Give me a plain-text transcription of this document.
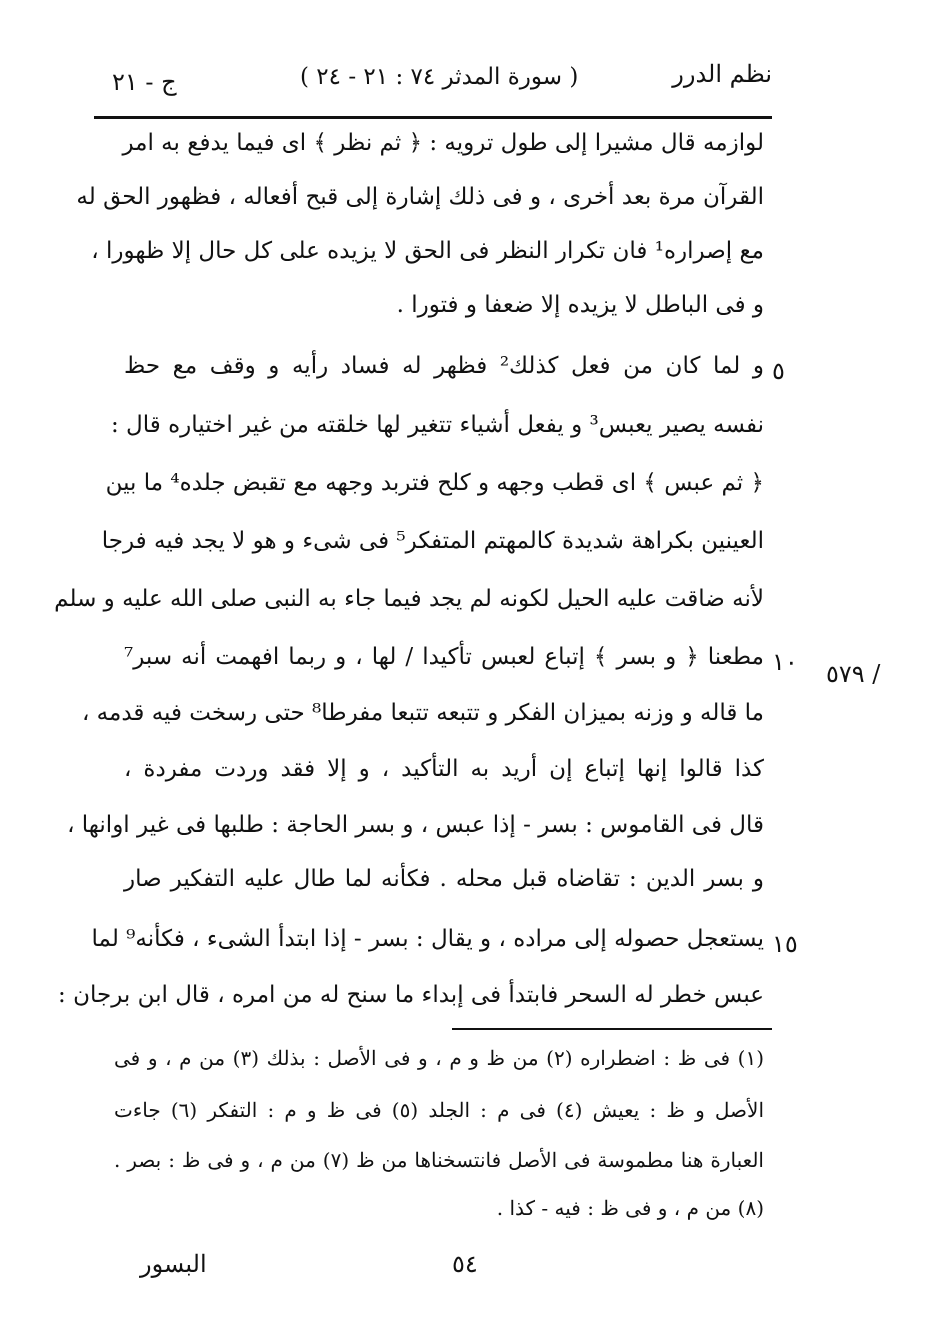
نظم الدرر
( سورة المدثر ٧٤ : ٢١ - ٢٤ )
ج - ٢١
لوازمه قال مشيرا إلى طول ترويه : ﴿ ثم نظر ﴾ اى فيما يدفع به امر
القرآن مرة بعد أخرى ، و فى ذلك إشارة إلى قبح أفعاله ، فظهور الحق له
مع إصراره¹ فان تكرار النظر فى الحق لا يزيده على كل حال إلا ظهورا ،
و فى الباطل لا يزيده إلا ضعفا و فتورا .
و لما كان من فعل كذلك² فظهر له فساد رأيه و وقف مع حظ
نفسه يصير يعبس³ و يفعل أشياء تتغير لها خلقته من غير اختياره قال :
﴿ ثم عبس ﴾ اى قطب وجهه و كلح فتربد وجهه مع تقبض جلده⁴ ما بين
العينين بكراهة شديدة كالمهتم المتفكر⁵ فى شىء و هو لا يجد فيه فرجا
لأنه ضاقت عليه الحيل لكونه لم يجد فيما جاء به النبى صلى الله عليه و سلم
مطعنا ﴿ و بسر ﴾ إتباع لعبس تأكيدا / لها ، و ربما افهمت أنه سبر⁷
ما قاله و وزنه بميزان الفكر و تتبعه تتبعا مفرطا⁸ حتى رسخت فيه قدمه ،
كذا قالوا إنها إتباع إن أريد به التأكيد ، و إلا فقد وردت مفردة ،
قال فى القاموس : بسر - إذا عبس ، و بسر الحاجة : طلبها فى غير اوانها ،
و بسر الدين : تقاضاه قبل محله . فكأنه لما طال عليه التفكير صار
يستعجل حصوله إلى مراده ، و يقال : بسر - إذا ابتدأ الشىء ، فكأنه⁹ لما
عبس خطر له السحر فابتدأ فى إبداء ما سنح له من امره ، قال ابن برجان :
٥
١٠
١٥
/ ٥٧٩
(١) فى ظ : اضطراره (٢) من ظ و م ، و فى الأصل : بذلك (٣) من م ، و فى
الأصل و ظ : يعيش (٤) فى م : الجلد (٥) فى ظ و م : التفكر (٦) جاءت
العبارة هنا مطموسة فى الأصل فانتسخناها من ظ (٧) من م ، و فى ظ : بصر .
(٨) من م ، و فى ظ : فيه - كذا .
٥٤
البسور
